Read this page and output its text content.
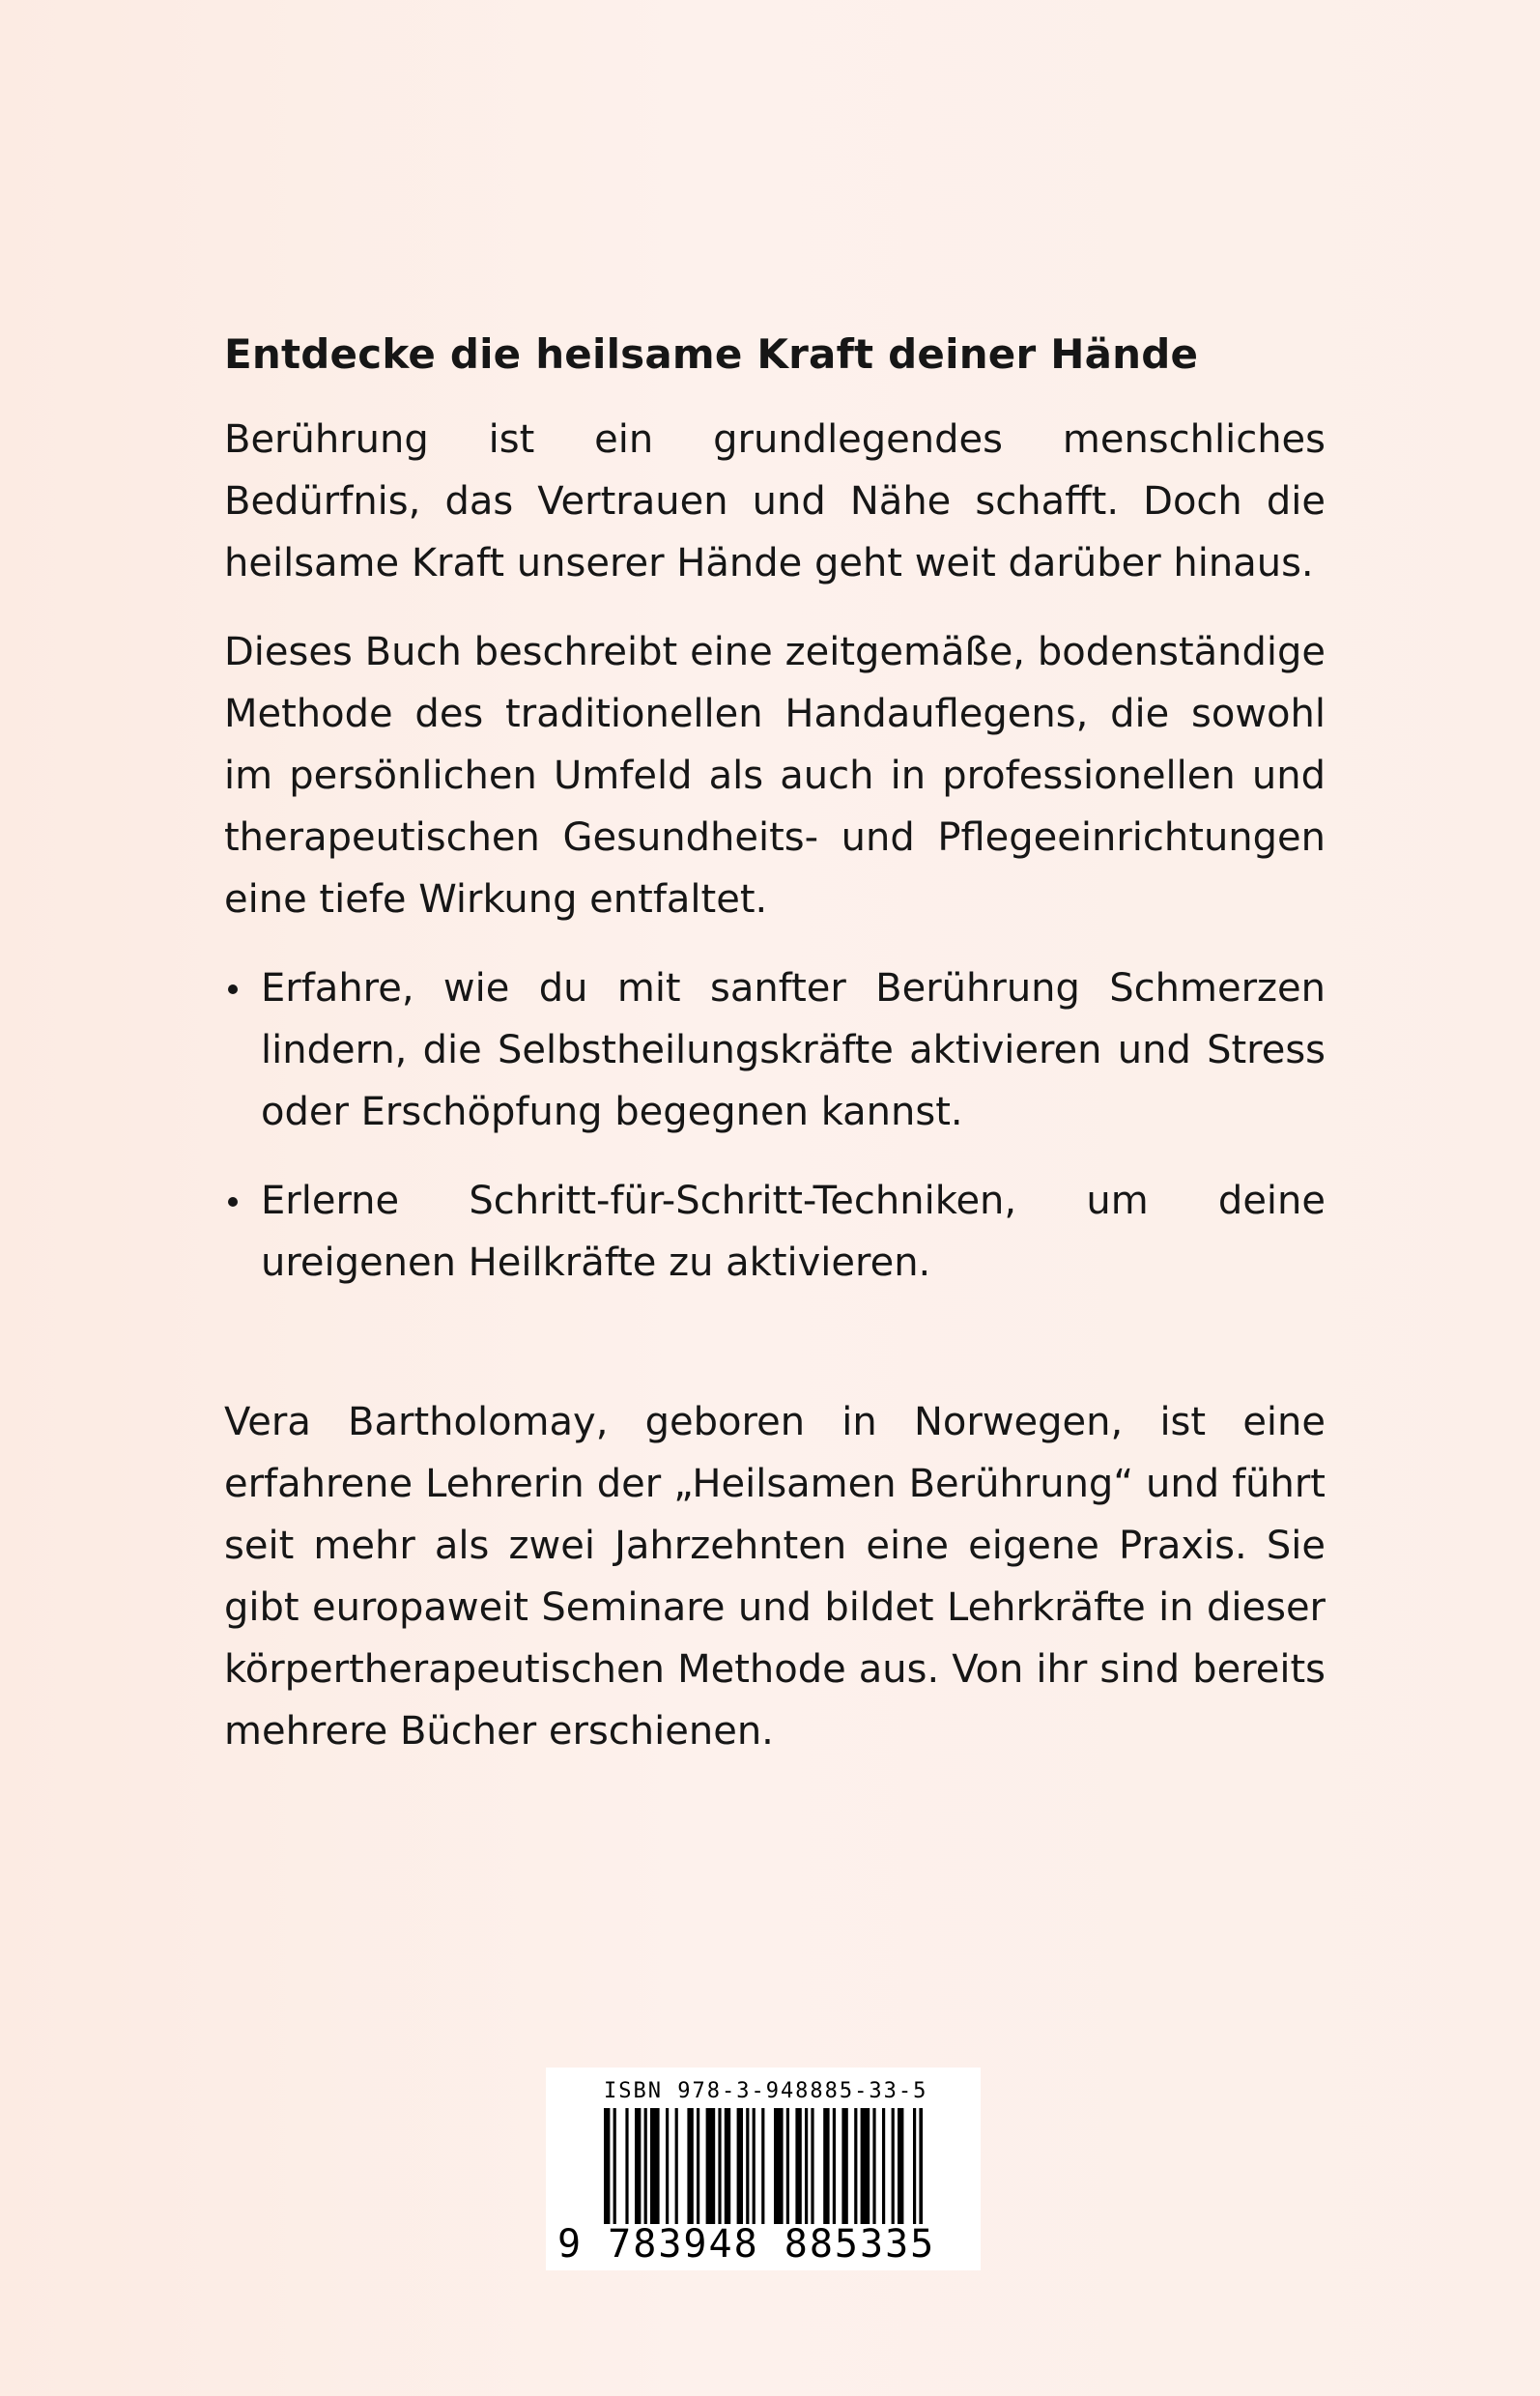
Entdecke die heilsame Kraft deiner Hände

Berührung ist ein grundlegendes menschliches Bedürfnis, das Vertrauen und Nähe schafft. Doch die heilsame Kraft unserer Hände geht weit darüber hinaus.

Dieses Buch beschreibt eine zeitgemäße, bodenständige Methode des traditionellen Handauflegens, die sowohl im persönlichen Umfeld als auch in professionellen und therapeutischen Gesundheits- und Pflegeeinrichtungen eine tiefe Wirkung entfaltet.

Erfahre, wie du mit sanfter Berührung Schmerzen lindern, die Selbstheilungskräfte aktivieren und Stress oder Erschöpfung begegnen kannst.
Erlerne Schritt-für-Schritt-Techniken, um deine ureigenen Heilkräfte zu aktivieren.

Vera Bartholomay, geboren in Norwegen, ist eine erfahrene Lehrerin der „Heilsamen Berührung“ und führt seit mehr als zwei Jahrzehnten eine eigene Praxis. Sie gibt europaweit Seminare und bildet Lehrkräfte in dieser körpertherapeutischen Methode aus. Von ihr sind bereits mehrere Bücher erschienen.

ISBN 978-3-948885-33-5
9 783948 885335
